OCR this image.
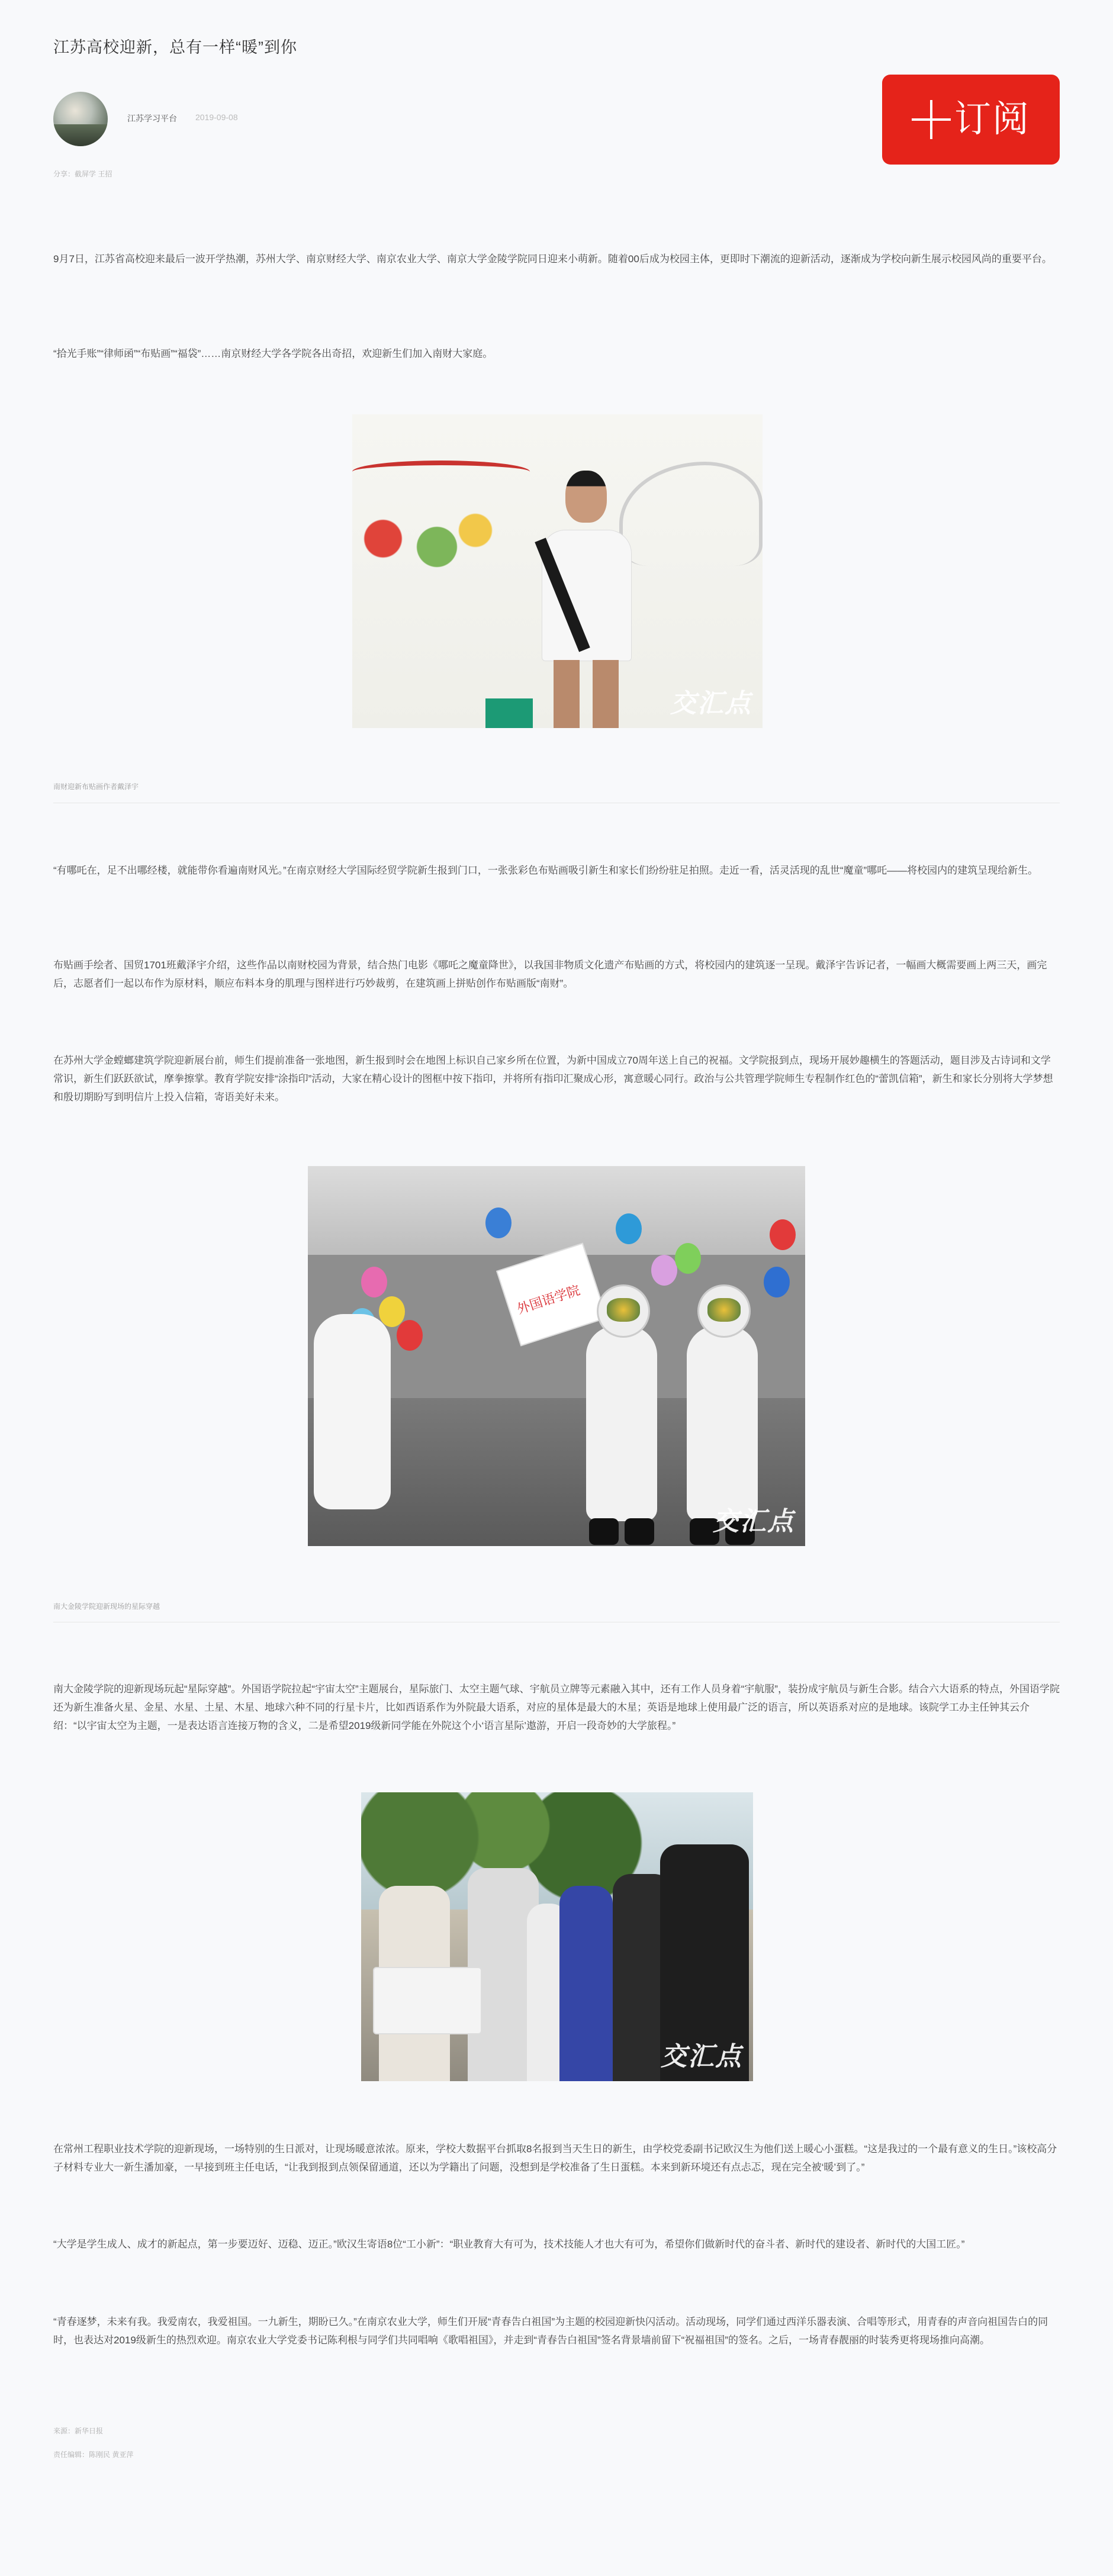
江苏高校迎新，总有一样“暖”到你
江苏学习平台 2019-09-08	订阅
分享：截屏学 王招

9月7日，江苏省高校迎来最后一波开学热潮，苏州大学、南京财经大学、南京农业大学、南京大学金陵学院同日迎来小萌新。随着00后成为校园主体，更即时下潮流的迎新活动，逐渐成为学校向新生展示校园风尚的重要平台。

“拾光手账”“律师函”“布贴画”“福袋”……南京财经大学各学院各出奇招，欢迎新生们加入南财大家庭。

交汇点
南财迎新布贴画作者戴泽宇

“有哪吒在，足不出哪经楼，就能带你看遍南财风光。”在南京财经大学国际经贸学院新生报到门口，一张张彩色布贴画吸引新生和家长们纷纷驻足拍照。走近一看，活灵活现的乱世“魔童”哪吒——将校园内的建筑呈现给新生。

布贴画手绘者、国贸1701班戴泽宇介绍，这些作品以南财校园为背景，结合热门电影《哪吒之魔童降世》，以我国非物质文化遗产布贴画的方式，将校园内的建筑逐一呈现。戴泽宇告诉记者，一幅画大概需要画上两三天，画完后，志愿者们一起以布作为原材料，顺应布料本身的肌理与图样进行巧妙裁剪，在建筑画上拼贴创作布贴画版“南财”。

在苏州大学金螳螂建筑学院迎新展台前，师生们提前准备一张地图，新生报到时会在地图上标识自己家乡所在位置，为新中国成立70周年送上自己的祝福。文学院报到点，现场开展妙趣横生的答题活动，题目涉及古诗词和文学常识，新生们跃跃欲试，摩拳擦掌。教育学院安排“涂指印”活动，大家在精心设计的图框中按下指印，并将所有指印汇聚成心形，寓意暖心同行。政治与公共管理学院师生专程制作红色的“蕾凯信箱”，新生和家长分别将大学梦想和殷切期盼写到明信片上投入信箱，寄语美好未来。

外国语学院
交汇点
南大金陵学院迎新现场的星际穿越

南大金陵学院的迎新现场玩起“星际穿越”。外国语学院拉起“宇宙太空”主题展台，星际旅门、太空主题气球、宇航员立牌等元素融入其中，还有工作人员身着“宇航服”，装扮成宇航员与新生合影。结合六大语系的特点，外国语学院还为新生准备火星、金星、水星、土星、木星、地球六种不同的行星卡片，比如西语系作为外院最大语系，对应的星体是最大的木星；英语是地球上使用最广泛的语言，所以英语系对应的是地球。该院学工办主任钟其云介绍：“以宇宙太空为主题，一是表达语言连接万物的含义，二是希望2019级新同学能在外院这个小‘语言星际’遨游，开启一段奇妙的大学旅程。”

交汇点

在常州工程职业技术学院的迎新现场，一场特别的生日派对，让现场暖意浓浓。原来，学校大数据平台抓取8名报到当天生日的新生，由学校党委副书记欧汉生为他们送上暖心小蛋糕。“这是我过的一个最有意义的生日。”该校高分子材料专业大一新生潘加豪，一早接到班主任电话，“让我到报到点领保留通道，还以为学籍出了问题，没想到是学校准备了生日蛋糕。本来到新环境还有点忐忑，现在完全被‘暖’到了。”

“大学是学生成人、成才的新起点，第一步要迈好、迈稳、迈正。”欧汉生寄语8位“工小新”：“职业教育大有可为，技术技能人才也大有可为，希望你们做新时代的奋斗者、新时代的建设者、新时代的大国工匠。”

“青春逐梦，未来有我。我爱南农，我爱祖国。一九新生，期盼已久。”在南京农业大学，师生们开展“青春告白祖国”为主题的校园迎新快闪活动。活动现场，同学们通过西洋乐器表演、合唱等形式，用青春的声音向祖国告白的同时，也表达对2019级新生的热烈欢迎。南京农业大学党委书记陈利根与同学们共同唱响《歌唱祖国》，并走到“青春告白祖国”签名背景墙前留下“祝福祖国”的签名。之后，一场青春靓丽的时装秀更将现场推向高潮。

来源：新华日报
责任编辑：陈刚民 黄亚萍
